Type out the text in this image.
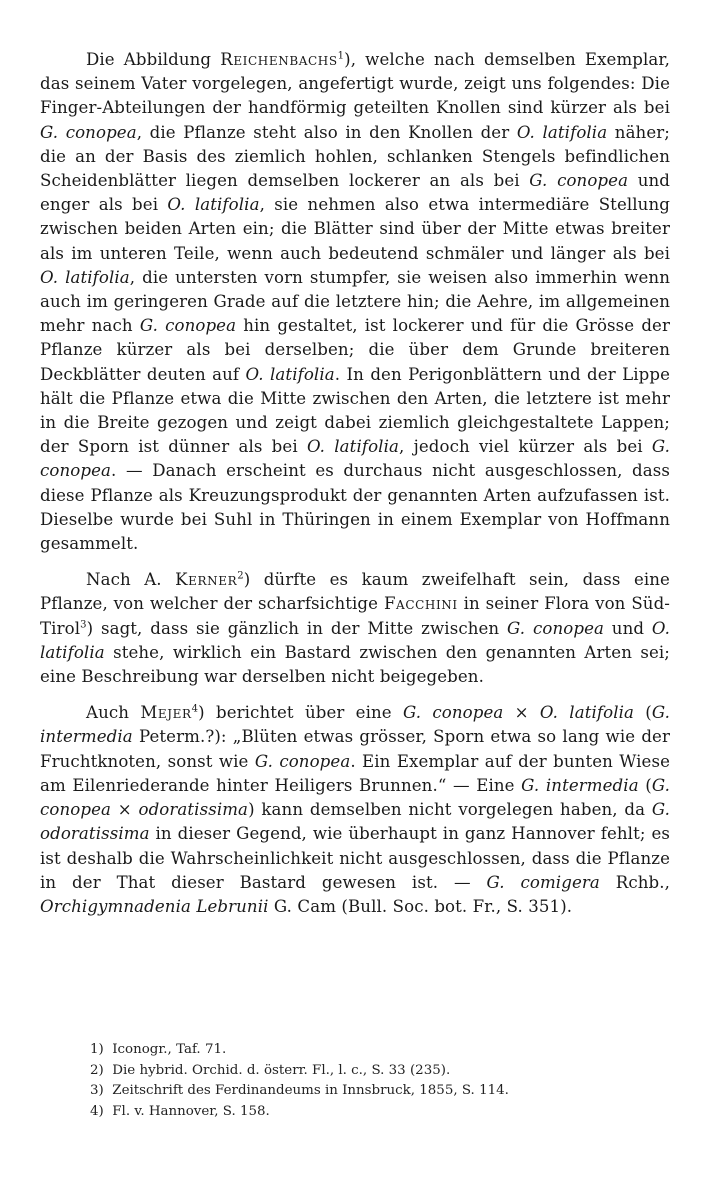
Die Abbildung Reichenbachs$^1$), welche nach demselben Exemplar, das seinem Vater vorgelegen, angefertigt wurde, zeigt uns folgendes: Die Finger-Abteilungen der handförmig geteilten Knollen sind kürzer als bei G. conopea, die Pflanze steht also in den Knollen der O. latifolia näher; die an der Basis des ziemlich hohlen, schlanken Stengels befindlichen Scheidenblätter liegen demselben lockerer an als bei G. conopea und enger als bei O. latifolia, sie nehmen also etwa intermediäre Stellung zwischen beiden Arten ein; die Blätter sind über der Mitte etwas breiter als im unteren Teile, wenn auch bedeutend schmäler und länger als bei O. latifolia, die untersten vorn stumpfer, sie weisen also immerhin wenn auch im geringeren Grade auf die letztere hin; die Aehre, im allgemeinen mehr nach G. conopea hin gestaltet, ist lockerer und für die Grösse der Pflanze kürzer als bei derselben; die über dem Grunde breiteren Deckblätter deuten auf O. latifolia. In den Perigonblättern und der Lippe hält die Pflanze etwa die Mitte zwischen den Arten, die letztere ist mehr in die Breite gezogen und zeigt dabei ziemlich gleichgestaltete Lappen; der Sporn ist dünner als bei O. latifolia, jedoch viel kürzer als bei G. conopea. — Danach erscheint es durchaus nicht ausgeschlossen, dass diese Pflanze als Kreuzungsprodukt der genannten Arten aufzufassen ist. Dieselbe wurde bei Suhl in Thüringen in einem Exemplar von Hoffmann gesammelt.

Nach A. Kerner$^2$) dürfte es kaum zweifelhaft sein, dass eine Pflanze, von welcher der scharfsichtige Facchini in seiner Flora von Süd-Tirol$^3$) sagt, dass sie gänzlich in der Mitte zwischen G. conopea und O. latifolia stehe, wirklich ein Bastard zwischen den genannten Arten sei; eine Beschreibung war derselben nicht beigegeben.

Auch Mejer$^4$) berichtet über eine G. conopea × O. latifolia (G. intermedia Peterm.?): „Blüten etwas grösser, Sporn etwa so lang wie der Fruchtknoten, sonst wie G. conopea. Ein Exemplar auf der bunten Wiese am Eilenriederande hinter Heiligers Brunnen.“ — Eine G. intermedia (G. conopea × odoratissima) kann demselben nicht vorgelegen haben, da G. odoratissima in dieser Gegend, wie überhaupt in ganz Hannover fehlt; es ist deshalb die Wahrscheinlichkeit nicht ausgeschlossen, dass die Pflanze in der That dieser Bastard gewesen ist. — G. comigera Rchb., Orchigymnadenia Lebrunii G. Cam (Bull. Soc. bot. Fr., S. 351).

1) Iconogr., Taf. 71.

2) Die hybrid. Orchid. d. österr. Fl., l. c., S. 33 (235).

3) Zeitschrift des Ferdinandeums in Innsbruck, 1855, S. 114.

4) Fl. v. Hannover, S. 158.
